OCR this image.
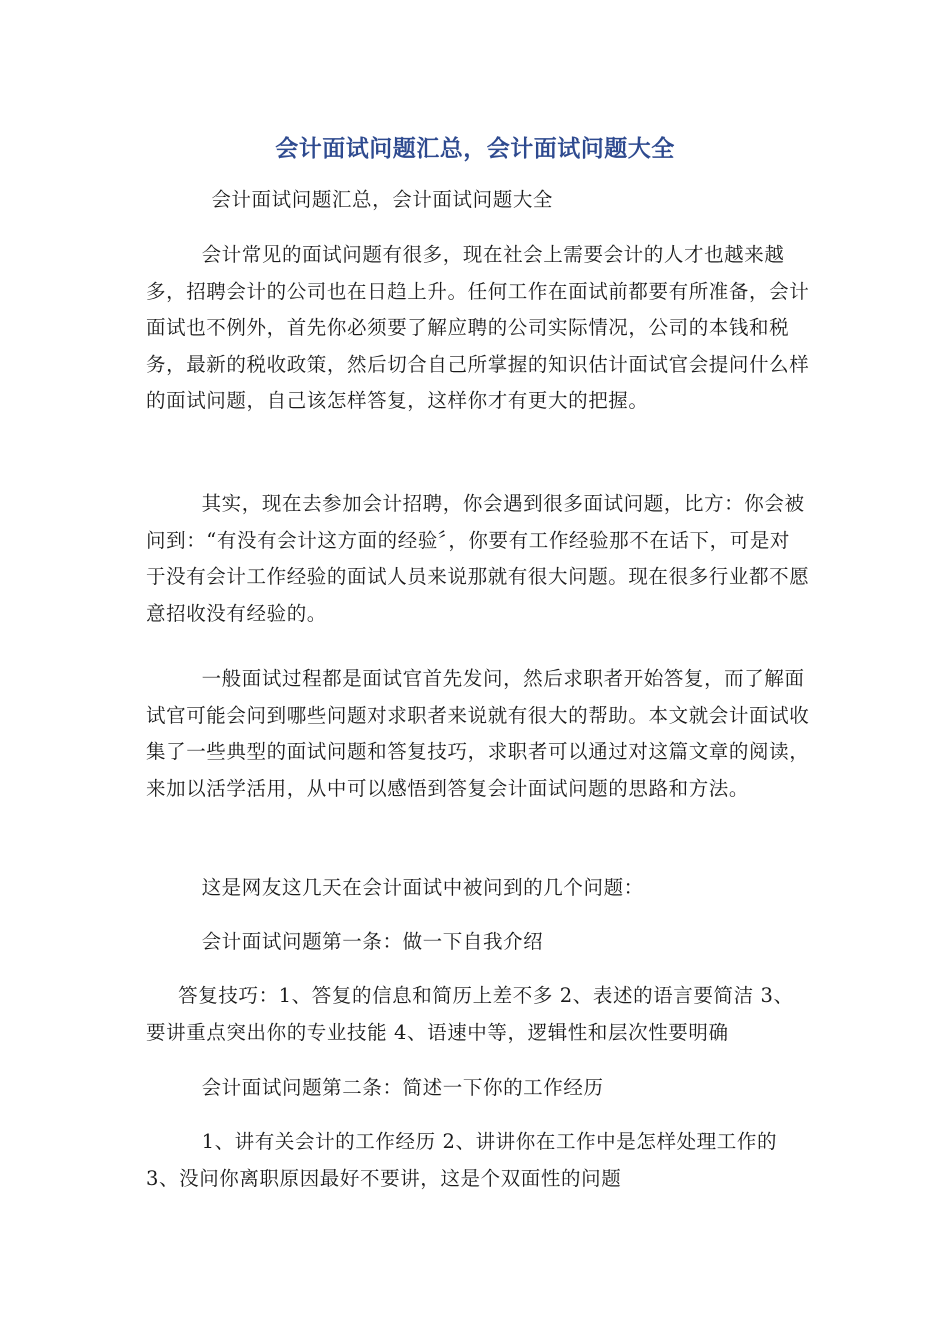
会计面试问题汇总，会计面试问题大全
会计面试问题汇总，会计面试问题大全

会计常见的面试问题有很多，现在社会上需要会计的人才也越来越多，招聘会计的公司也在日趋上升。任何工作在面试前都要有所准备，会计面试也不例外，首先你必须要了解应聘的公司实际情况，公司的本钱和税务，最新的税收政策，然后切合自己所掌握的知识估计面试官会提问什么样的面试问题，自己该怎样答复，这样你才有更大的把握。

其实，现在去参加会计招聘，你会遇到很多面试问题，比方：你会被问到：“有没有会计这方面的经验〞，你要有工作经验那不在话下，可是对于没有会计工作经验的面试人员来说那就有很大问题。现在很多行业都不愿意招收没有经验的。

一般面试过程都是面试官首先发问，然后求职者开始答复，而了解面试官可能会问到哪些问题对求职者来说就有很大的帮助。本文就会计面试收集了一些典型的面试问题和答复技巧，求职者可以通过对这篇文章的阅读，来加以活学活用，从中可以感悟到答复会计面试问题的思路和方法。

这是网友这几天在会计面试中被问到的几个问题：

会计面试问题第一条：做一下自我介绍

答复技巧：1、答复的信息和简历上差不多 2、表述的语言要简洁 3、要讲重点突出你的专业技能 4、语速中等，逻辑性和层次性要明确

会计面试问题第二条：简述一下你的工作经历

1、讲有关会计的工作经历 2、讲讲你在工作中是怎样处理工作的 3、没问你离职原因最好不要讲，这是个双面性的问题
